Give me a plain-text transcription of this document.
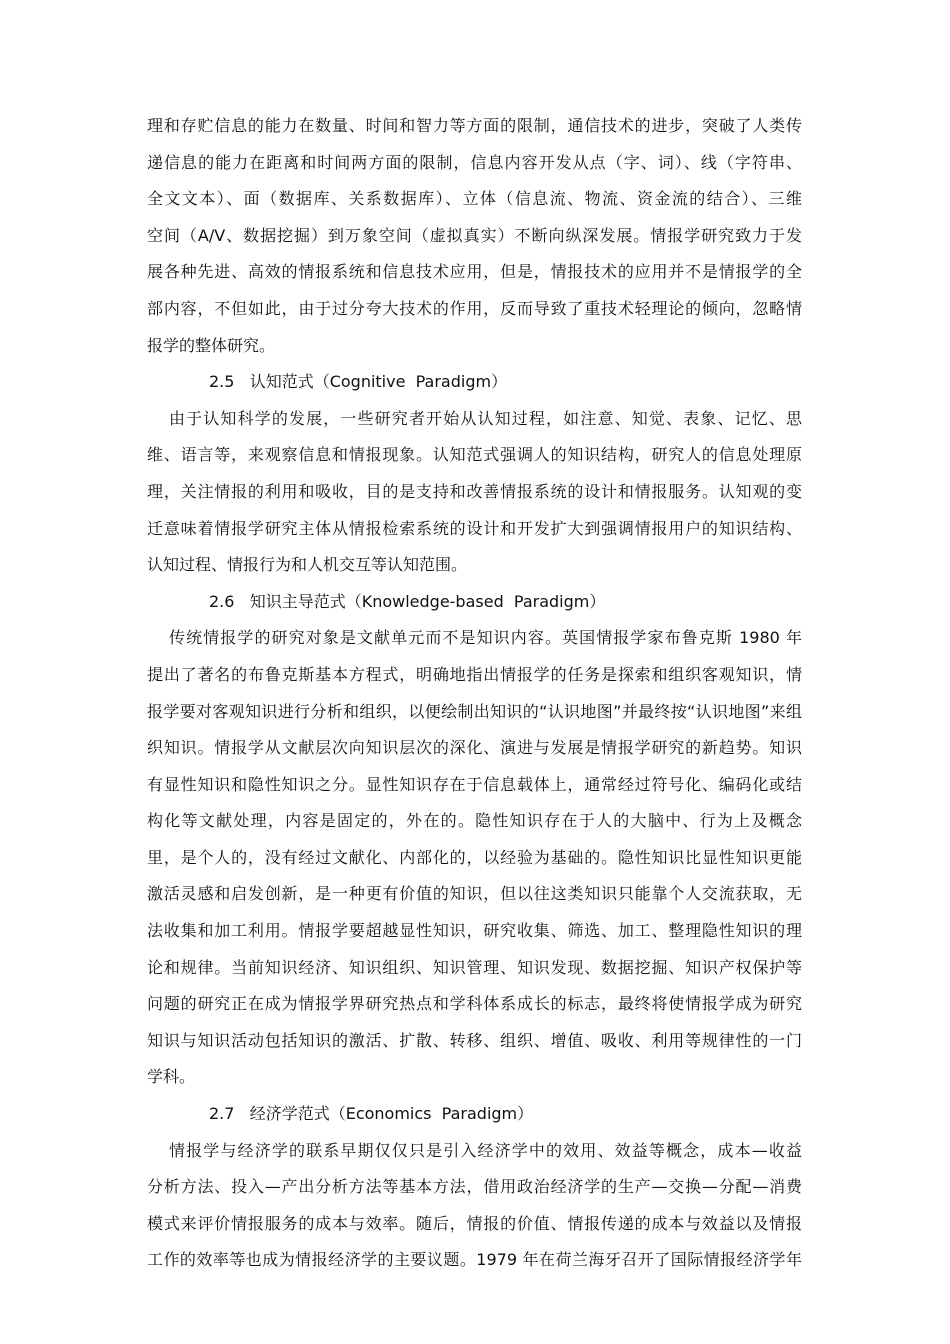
理和存贮信息的能力在数量、时间和智力等方面的限制，通信技术的进步，突破了人类传
递信息的能力在距离和时间两方面的限制，信息内容开发从点（字、词）、线（字符串、
全文文本）、面（数据库、关系数据库）、立体（信息流、物流、资金流的结合）、三维
空间（A/V、数据挖掘）到万象空间（虚拟真实）不断向纵深发展。情报学研究致力于发
展各种先进、高效的情报系统和信息技术应用，但是，情报技术的应用并不是情报学的全
部内容，不但如此，由于过分夸大技术的作用，反而导致了重技术轻理论的倾向，忽略情
报学的整体研究。
2.5   认知范式（Cognitive  Paradigm）
由于认知科学的发展，一些研究者开始从认知过程，如注意、知觉、表象、记忆、思
维、语言等，来观察信息和情报现象。认知范式强调人的知识结构，研究人的信息处理原
理，关注情报的利用和吸收，目的是支持和改善情报系统的设计和情报服务。认知观的变
迁意味着情报学研究主体从情报检索系统的设计和开发扩大到强调情报用户的知识结构、
认知过程、情报行为和人机交互等认知范围。
2.6   知识主导范式（Knowledge-based  Paradigm）
传统情报学的研究对象是文献单元而不是知识内容。英国情报学家布鲁克斯 1980 年
提出了著名的布鲁克斯基本方程式，明确地指出情报学的任务是探索和组织客观知识，情
报学要对客观知识进行分析和组织，以便绘制出知识的“认识地图”并最终按“认识地图”来组
织知识。情报学从文献层次向知识层次的深化、演进与发展是情报学研究的新趋势。知识
有显性知识和隐性知识之分。显性知识存在于信息载体上，通常经过符号化、编码化或结
构化等文献处理，内容是固定的，外在的。隐性知识存在于人的大脑中、行为上及概念
里，是个人的，没有经过文献化、内部化的，以经验为基础的。隐性知识比显性知识更能
激活灵感和启发创新，是一种更有价值的知识，但以往这类知识只能靠个人交流获取，无
法收集和加工利用。情报学要超越显性知识，研究收集、筛选、加工、整理隐性知识的理
论和规律。当前知识经济、知识组织、知识管理、知识发现、数据挖掘、知识产权保护等
问题的研究正在成为情报学界研究热点和学科体系成长的标志，最终将使情报学成为研究
知识与知识活动包括知识的激活、扩散、转移、组织、增值、吸收、利用等规律性的一门
学科。
2.7   经济学范式（Economics  Paradigm）
情报学与经济学的联系早期仅仅只是引入经济学中的效用、效益等概念，成本—收益
分析方法、投入—产出分析方法等基本方法，借用政治经济学的生产—交换—分配—消费
模式来评价情报服务的成本与效率。随后，情报的价值、情报传递的成本与效益以及情报
工作的效率等也成为情报经济学的主要议题。1979 年在荷兰海牙召开了国际情报经济学年
